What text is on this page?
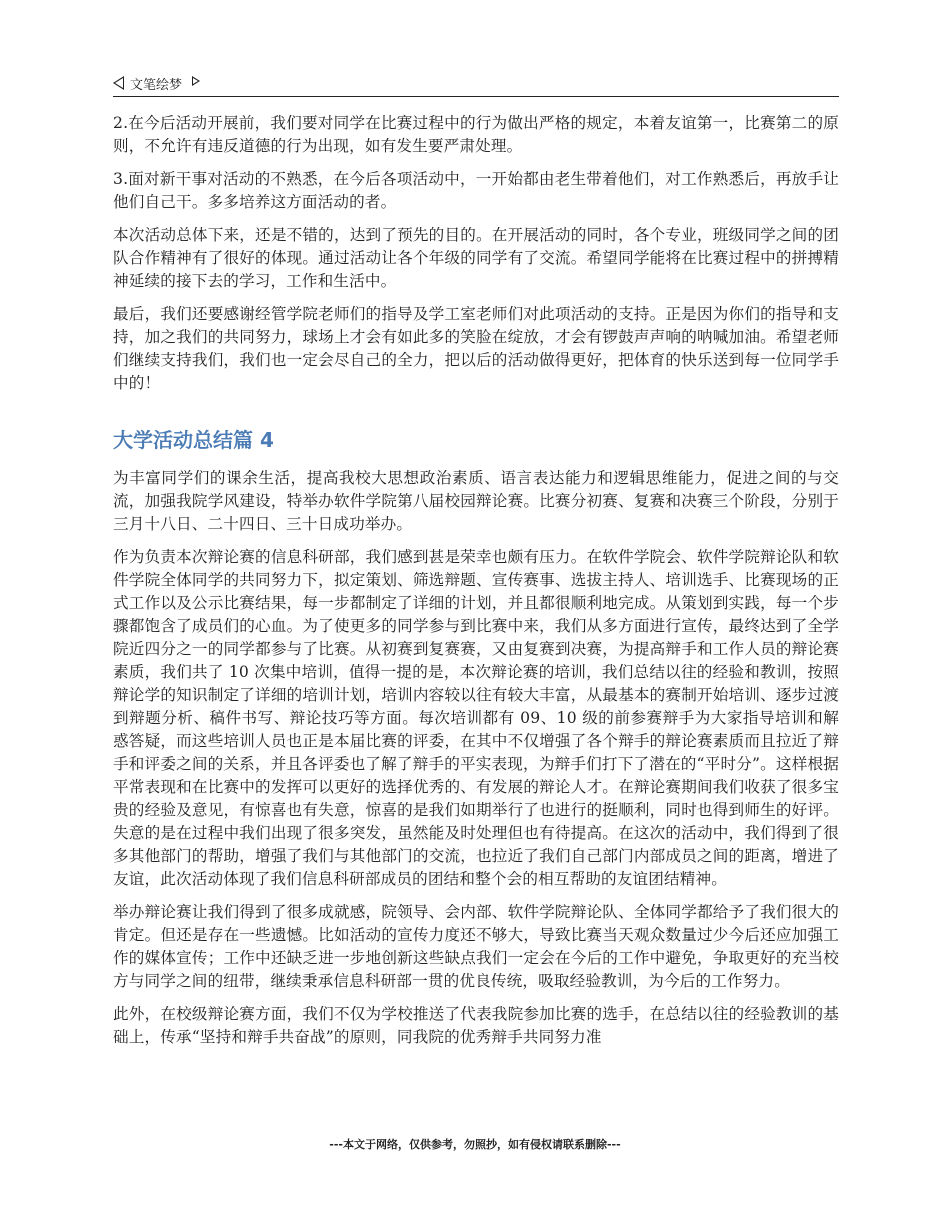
文笔绘梦

2.在今后活动开展前，我们要对同学在比赛过程中的行为做出严格的规定，本着友谊第一，比赛第二的原则，不允许有违反道德的行为出现，如有发生要严肃处理。

3.面对新干事对活动的不熟悉，在今后各项活动中，一开始都由老生带着他们，对工作熟悉后，再放手让他们自己干。多多培养这方面活动的者。

本次活动总体下来，还是不错的，达到了预先的目的。在开展活动的同时，各个专业，班级同学之间的团队合作精神有了很好的体现。通过活动让各个年级的同学有了交流。希望同学能将在比赛过程中的拼搏精神延续的接下去的学习，工作和生活中。

最后，我们还要感谢经管学院老师们的指导及学工室老师们对此项活动的支持。正是因为你们的指导和支持，加之我们的共同努力，球场上才会有如此多的笑脸在绽放，才会有锣鼓声声响的呐喊加油。希望老师们继续支持我们，我们也一定会尽自己的全力，把以后的活动做得更好，把体育的快乐送到每一位同学手中的！

大学活动总结篇 4

为丰富同学们的课余生活，提高我校大思想政治素质、语言表达能力和逻辑思维能力，促进之间的与交流，加强我院学风建设，特举办软件学院第八届校园辩论赛。比赛分初赛、复赛和决赛三个阶段，分别于三月十八日、二十四日、三十日成功举办。

作为负责本次辩论赛的信息科研部，我们感到甚是荣幸也颇有压力。在软件学院会、软件学院辩论队和软件学院全体同学的共同努力下，拟定策划、筛选辩题、宣传赛事、选拔主持人、培训选手、比赛现场的正式工作以及公示比赛结果，每一步都制定了详细的计划，并且都很顺利地完成。从策划到实践，每一个步骤都饱含了成员们的心血。为了使更多的同学参与到比赛中来，我们从多方面进行宣传，最终达到了全学院近四分之一的同学都参与了比赛。从初赛到复赛赛，又由复赛到决赛，为提高辩手和工作人员的辩论赛素质，我们共了 10 次集中培训，值得一提的是，本次辩论赛的培训，我们总结以往的经验和教训，按照辩论学的知识制定了详细的培训计划，培训内容较以往有较大丰富，从最基本的赛制开始培训、逐步过渡到辩题分析、稿件书写、辩论技巧等方面。每次培训都有 09、10 级的前参赛辩手为大家指导培训和解惑答疑，而这些培训人员也正是本届比赛的评委，在其中不仅增强了各个辩手的辩论赛素质而且拉近了辩手和评委之间的关系，并且各评委也了解了辩手的平实表现，为辩手们打下了潜在的“平时分”。这样根据平常表现和在比赛中的发挥可以更好的选择优秀的、有发展的辩论人才。在辩论赛期间我们收获了很多宝贵的经验及意见，有惊喜也有失意，惊喜的是我们如期举行了也进行的挺顺利，同时也得到师生的好评。失意的是在过程中我们出现了很多突发，虽然能及时处理但也有待提高。在这次的活动中，我们得到了很多其他部门的帮助，增强了我们与其他部门的交流，也拉近了我们自己部门内部成员之间的距离，增进了友谊，此次活动体现了我们信息科研部成员的团结和整个会的相互帮助的友谊团结精神。

举办辩论赛让我们得到了很多成就感，院领导、会内部、软件学院辩论队、全体同学都给予了我们很大的肯定。但还是存在一些遗憾。比如活动的宣传力度还不够大，导致比赛当天观众数量过少今后还应加强工作的媒体宣传；工作中还缺乏进一步地创新这些缺点我们一定会在今后的工作中避免，争取更好的充当校方与同学之间的纽带，继续秉承信息科研部一贯的优良传统，吸取经验教训，为今后的工作努力。

此外，在校级辩论赛方面，我们不仅为学校推送了代表我院参加比赛的选手，在总结以往的经验教训的基础上，传承“坚持和辩手共奋战”的原则，同我院的优秀辩手共同努力准

---本文于网络，仅供参考，勿照抄，如有侵权请联系删除---
